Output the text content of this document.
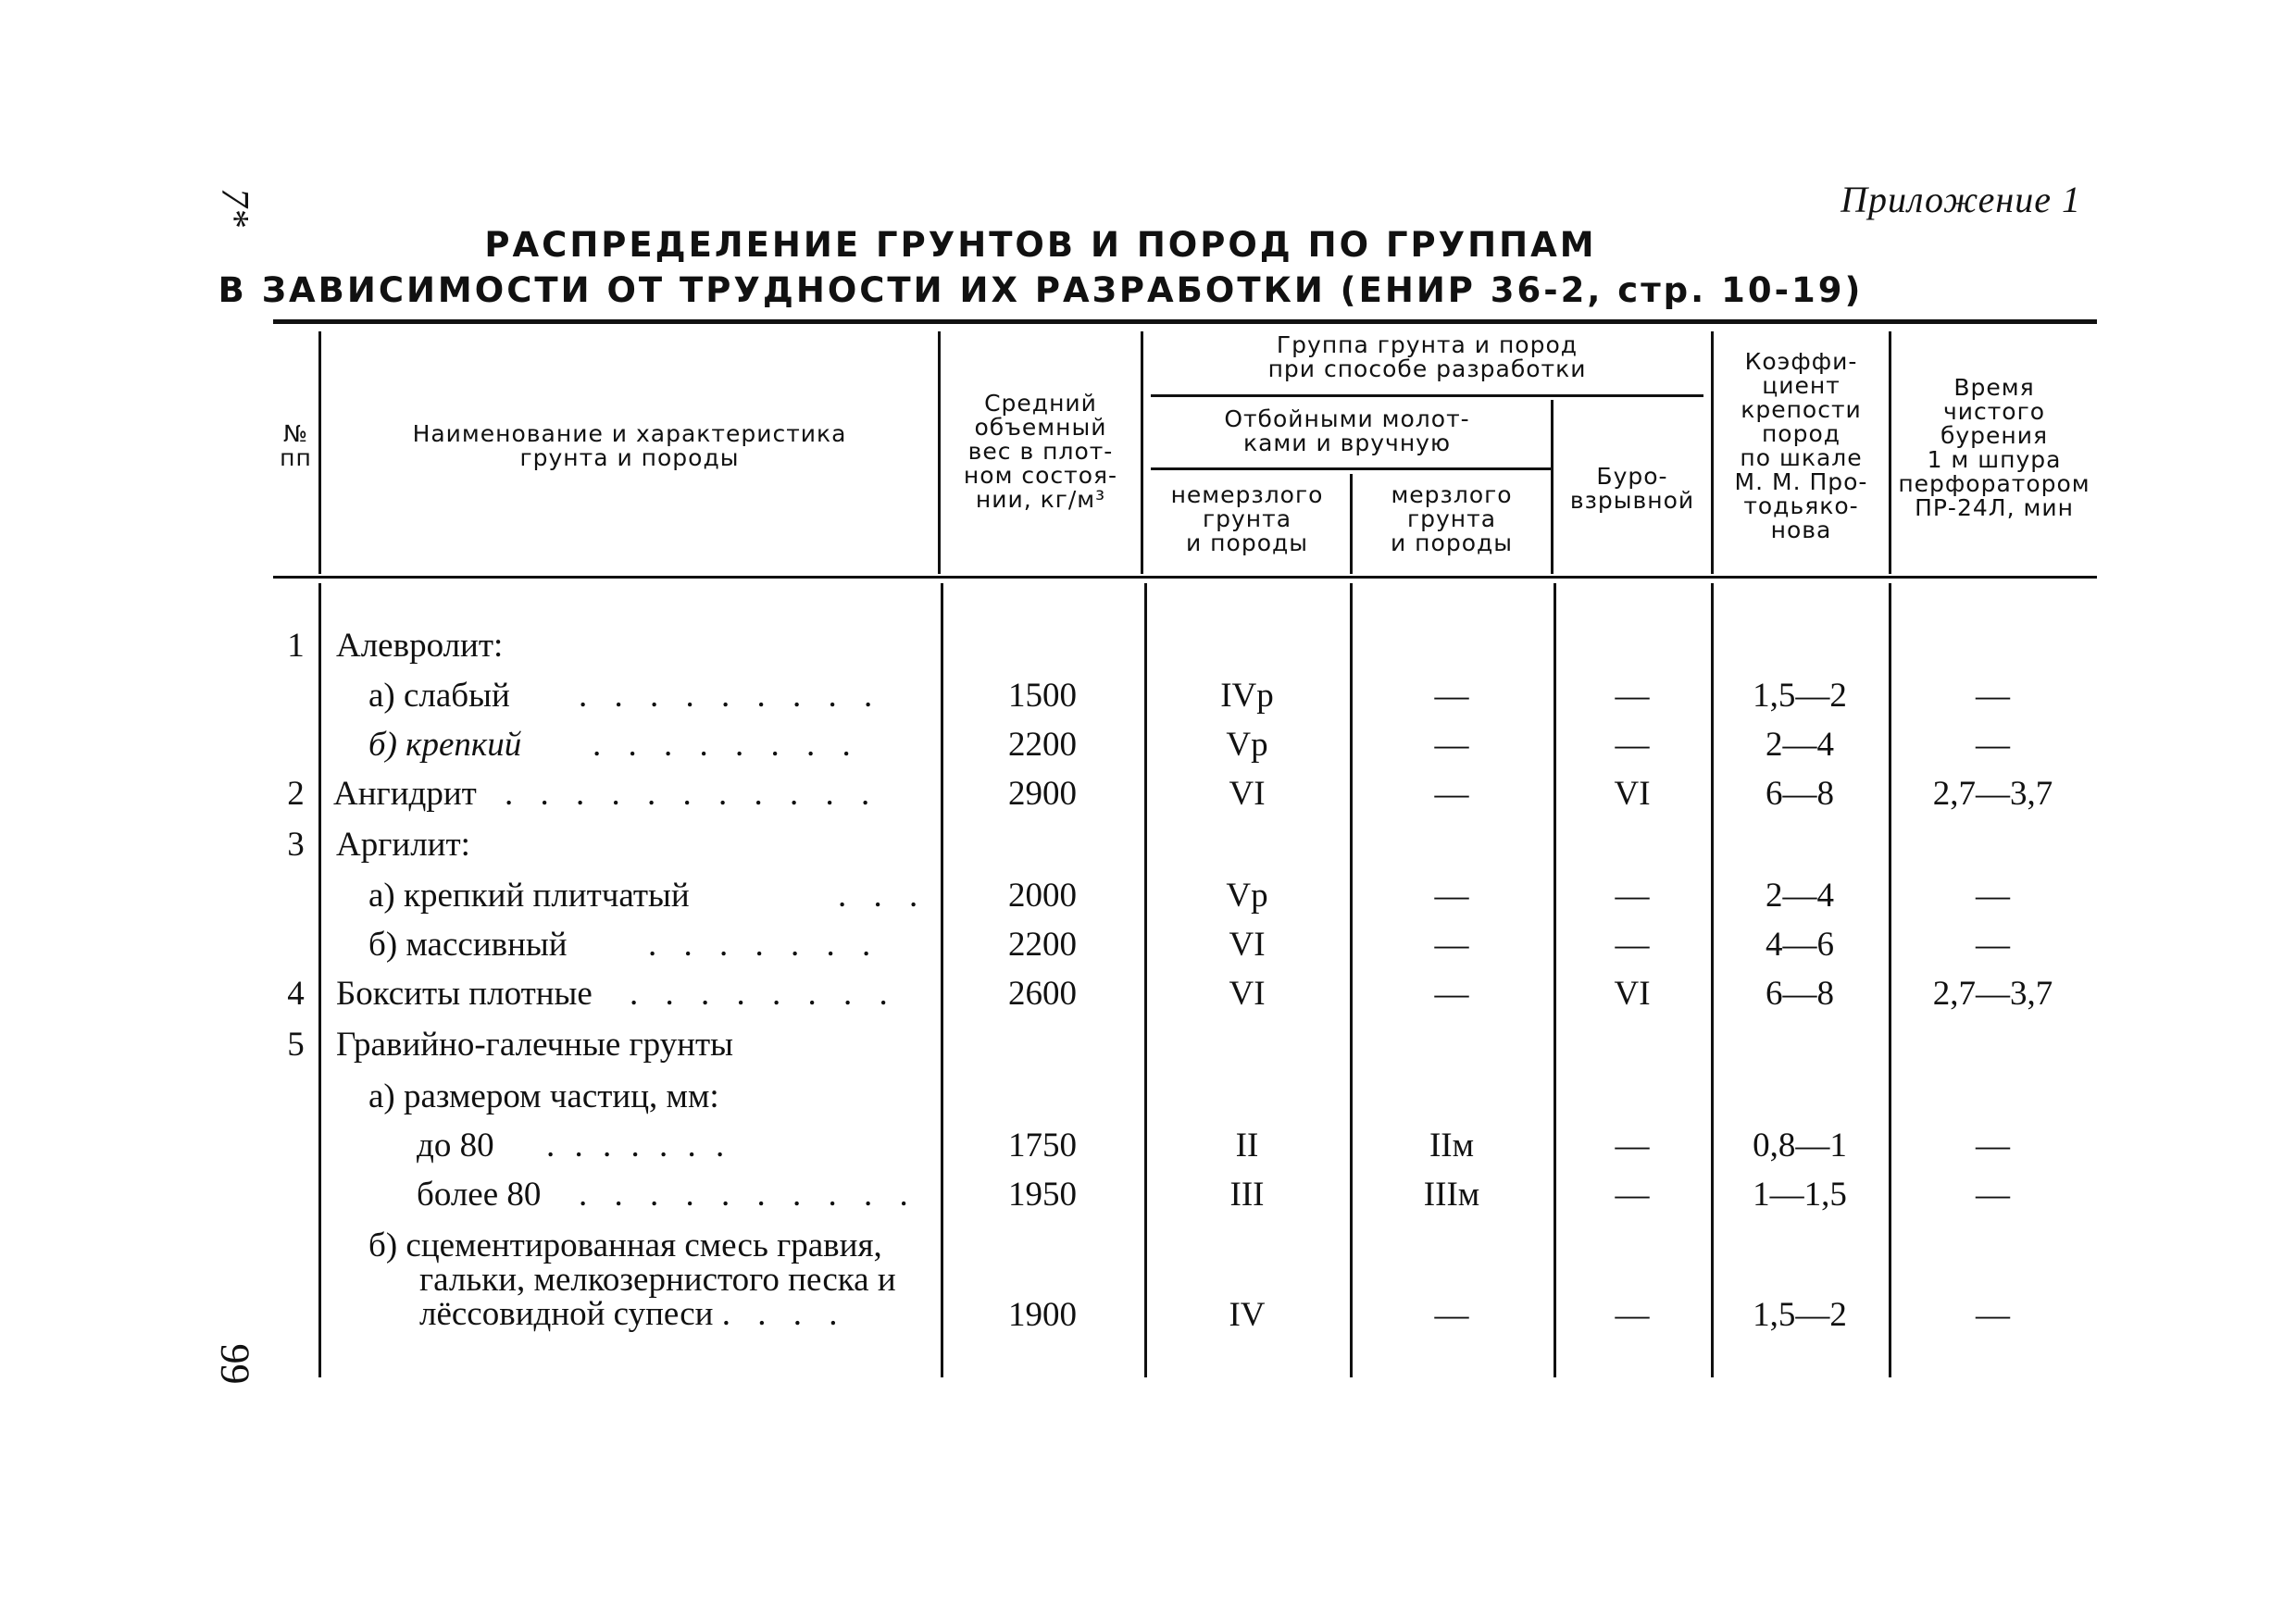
7*
99
Приложение 1
РАСПРЕДЕЛЕНИЕ ГРУНТОВ И ПОРОД ПО ГРУППАМ
В ЗАВИСИМОСТИ ОТ ТРУДНОСТИ ИХ РАЗРАБОТКИ (ЕНИР 36-2, стр. 10-19)
№
пп
Наименование и характеристика
грунта и породы
Средний
объемный
вес в плот-
ном состоя-
нии, кг/м³
Группа грунта и пород
при способе разработки
Отбойными молот-
ками и вручную
немерзлого
грунта
и породы
мерзлого
грунта
и породы
Буро-
взрывной
Коэффи-
циент
крепости
пород
по шкале
М. М. Про-
тодьяко-
нова
Время
чистого
бурения
1 м шпура
перфоратором
ПР-24Л, мин
1 Алевролит:
а) слабый . . . . . . . . .	1500	IVр	—	—	1,5—2	—
б) крепкий . . . . . . . .	2200	Vр	—	—	2—4	—
2 Ангидрит . . . . . . . . . . .	2900	VI	—	VI	6—8	2,7—3,7
3 Аргилит:
а) крепкий плитчатый	. . .	2000	Vр	—	—	2—4	—
б) массивный . . . . . . .	2200	VI	—	—	4—6	—
4 Бокситы плотные . . . . . . . .	2600	VI	—	VI	6—8	2,7—3,7
5 Гравийно-галечные грунты
а) размером частиц, мм:
до 80 . . . . . . .	1750	II	IIм	—	0,8—1	—
более 80 . . . . . . . . . .	1950	III	IIIм	—	1—1,5	—
б) сцементированная смесь гравия,
гальки, мелкозернистого песка и
лёссовидной супеси . . . .	1900	IV	—	—	1,5—2	—
